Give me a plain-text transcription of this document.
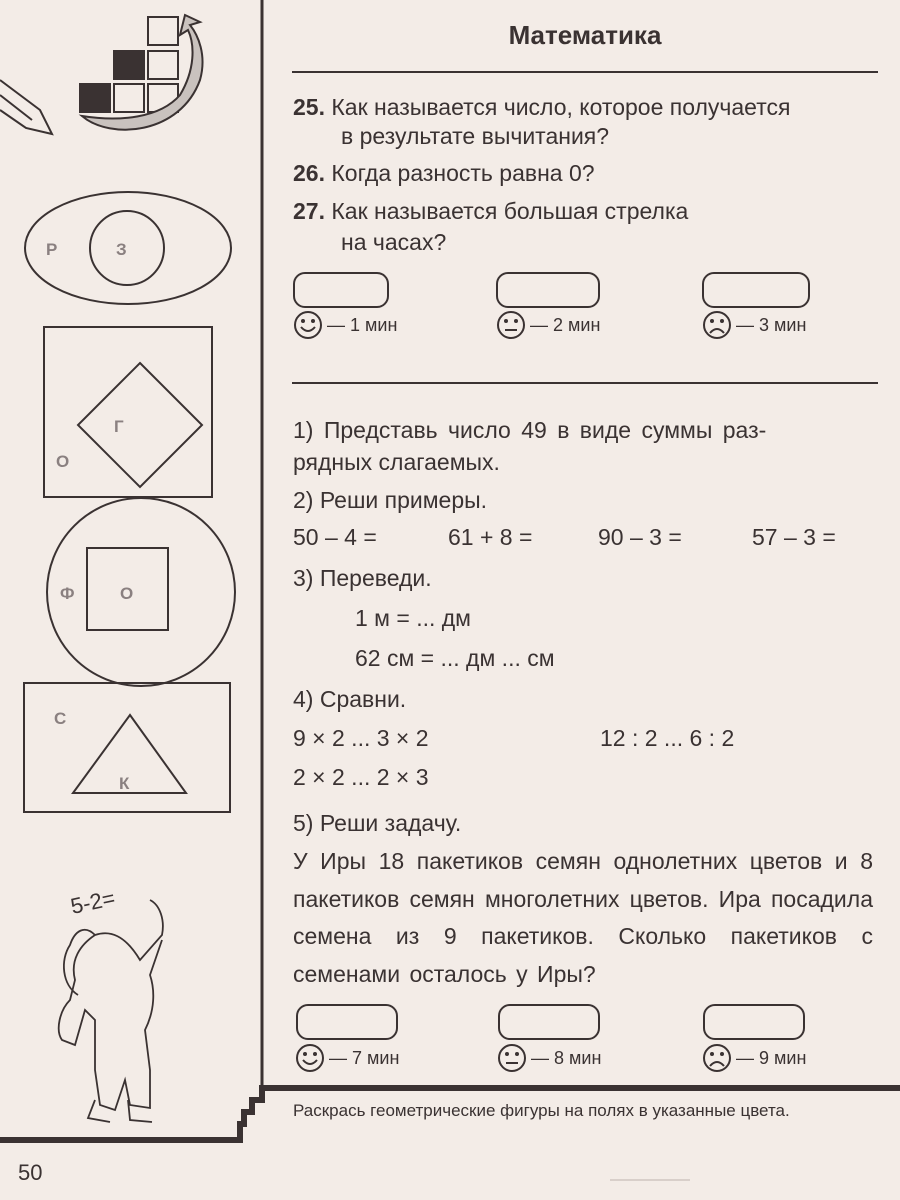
Р	З
Г
О
Ф	О
С
К
5-2=
Математика
25. Как называется число, которое получается
в результате вычитания?
26. Когда разность равна 0?
27. Как называется большая стрелка
на часах?
— 1 мин	— 2 мин	— 3 мин
1) Представь число 49 в виде суммы раз-
рядных слагаемых.
2) Реши примеры.
50 – 4 =	61 + 8 =	90 – 3 =	57 – 3 =
3) Переведи.
1 м = ... дм
62 см = ... дм ... см
4) Сравни.
9 × 2 ... 3 × 2	12 : 2 ... 6 : 2
2 × 2 ... 2 × 3
5) Реши задачу.
У Иры 18 пакетиков семян однолетних цветов и 8 пакетиков семян многолетних цветов. Ира посадила семена из 9 пакетиков. Сколько пакетиков с семенами осталось у Иры?
— 7 мин	— 8 мин	— 9 мин
Раскрась геометрические фигуры на полях в указанные цвета.
50
